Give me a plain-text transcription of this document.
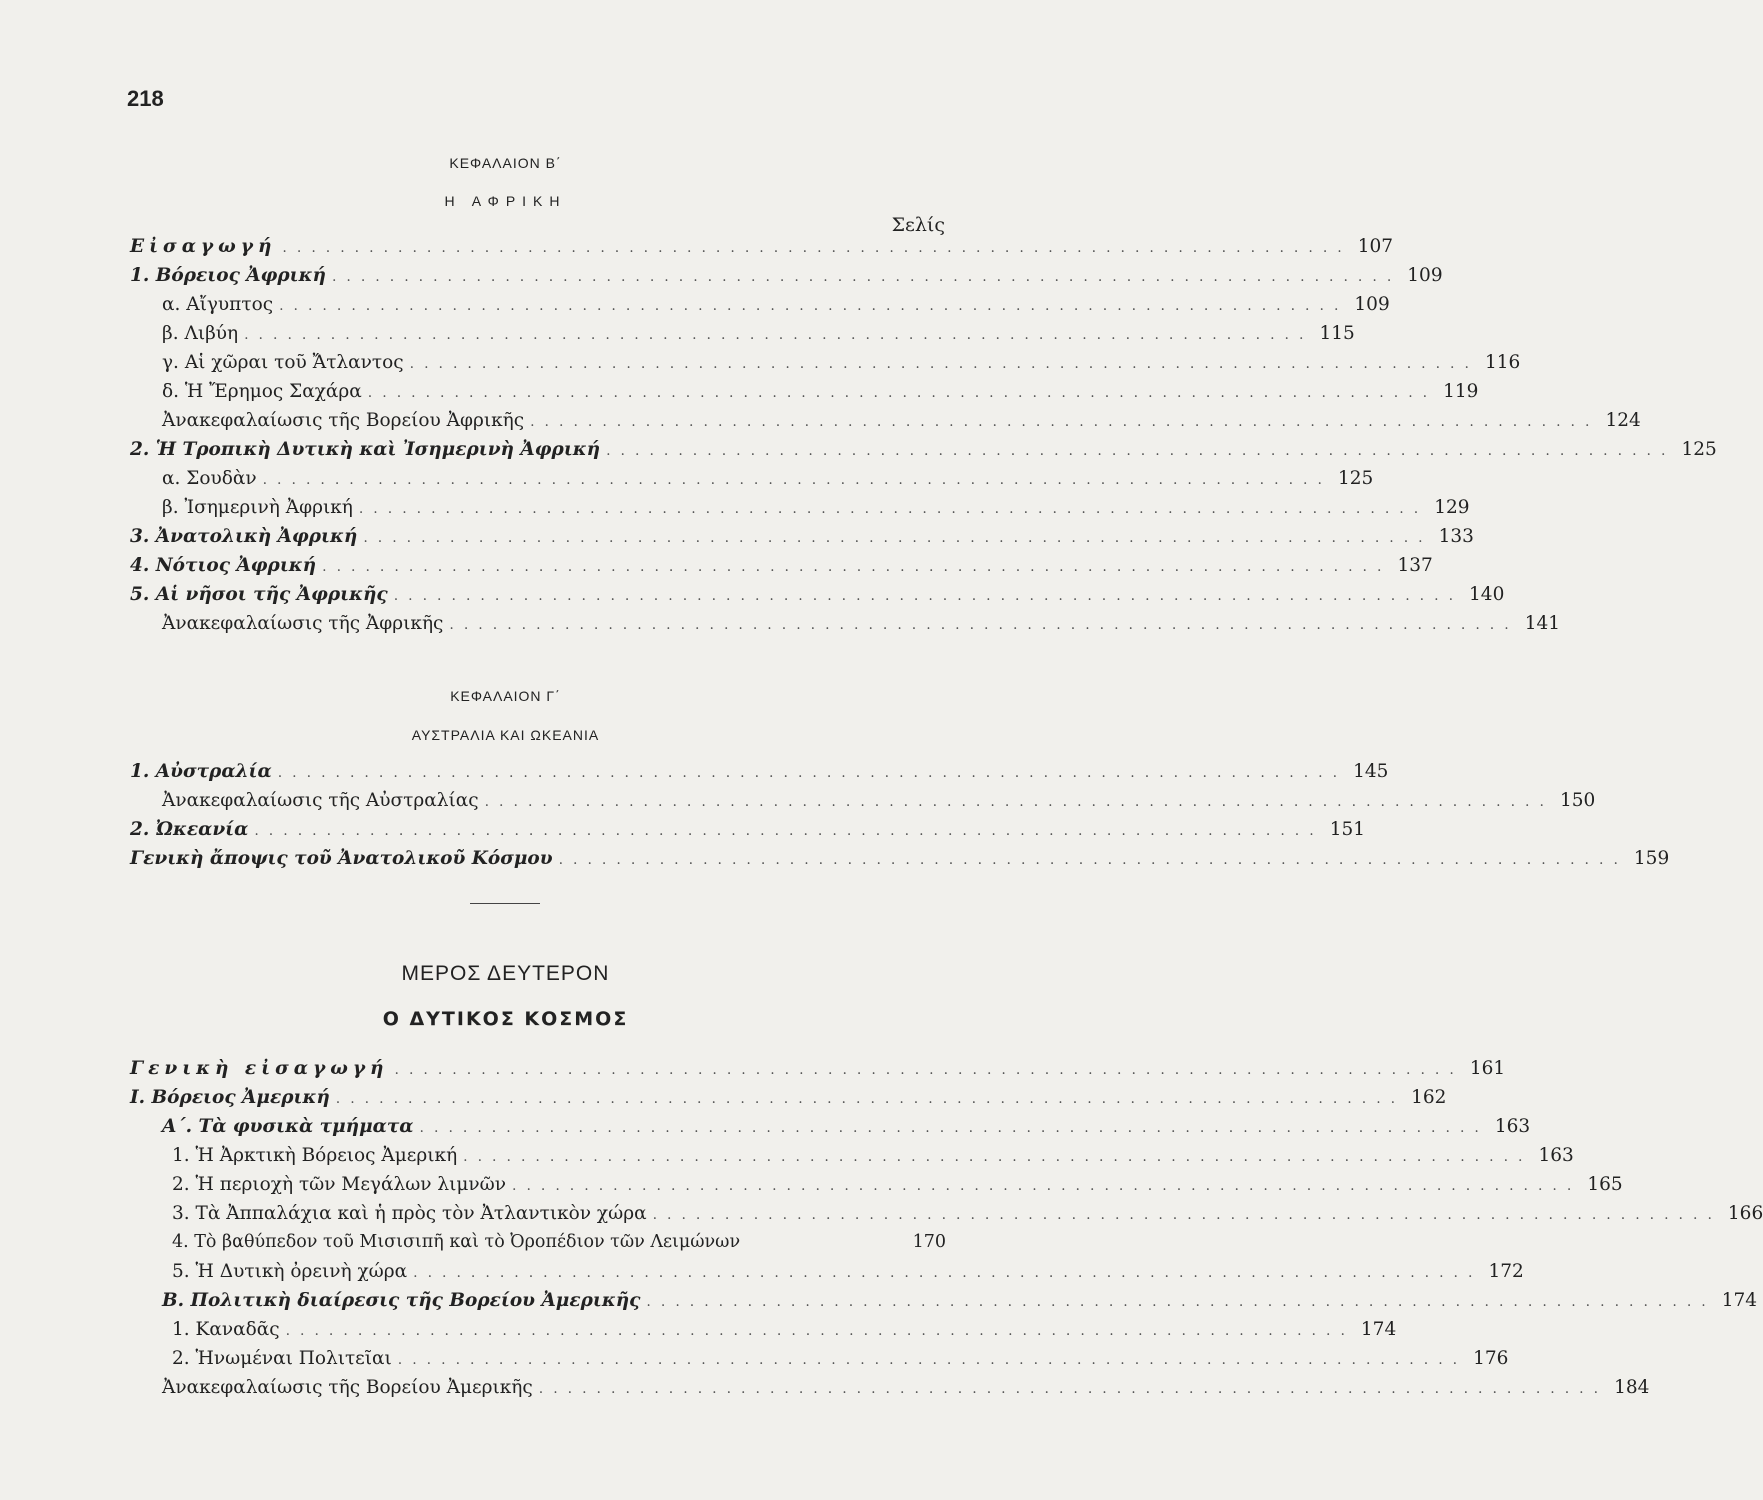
218
ΚΕΦΑΛΑΙΟΝ Β΄
Η ΑΦΡΙΚΗ
Σελίς
Εἰσαγωγή .......................................................................... 107
1. Βόρειος Ἀφρική .......................................................................... 109
α. Αἴγυπτος .......................................................................... 109
β. Λιβύη .......................................................................... 115
γ. Αἱ χῶραι τοῦ Ἄτλαντος .......................................................................... 116
δ. Ἡ Ἔρημος Σαχάρα .......................................................................... 119
Ἀνακεφαλαίωσις τῆς Βορείου Ἀφρικῆς .......................................................................... 124
2. Ἡ Τροπικὴ Δυτικὴ καὶ Ἰσημερινὴ Ἀφρική .......................................................................... 125
α. Σουδὰν .......................................................................... 125
β. Ἰσημερινὴ Ἀφρική .......................................................................... 129
3. Ἀνατολικὴ Ἀφρική .......................................................................... 133
4. Νότιος Ἀφρική .......................................................................... 137
5. Αἱ νῆσοι τῆς Ἀφρικῆς .......................................................................... 140
Ἀνακεφαλαίωσις τῆς Ἀφρικῆς .......................................................................... 141
ΚΕΦΑΛΑΙΟΝ Γ΄
ΑΥΣΤΡΑΛΙΑ ΚΑΙ ΩΚΕΑΝΙΑ
1. Αὐστραλία .......................................................................... 145
Ἀνακεφαλαίωσις τῆς Αὐστραλίας .......................................................................... 150
2. Ὠκεανία .......................................................................... 151
Γενικὴ ἄποψις τοῦ Ἀνατολικοῦ Κόσμου .......................................................................... 159
ΜΕΡΟΣ ΔΕΥΤΕΡΟΝ
Ο ΔΥΤΙΚΟΣ ΚΟΣΜΟΣ
Γενικὴ εἰσαγωγή .......................................................................... 161
Ι. Βόρειος Ἀμερική .......................................................................... 162
Α΄. Τὰ φυσικὰ τμήματα .......................................................................... 163
1. Ἡ Ἀρκτικὴ Βόρειος Ἀμερική .......................................................................... 163
2. Ἡ περιοχὴ τῶν Μεγάλων λιμνῶν .......................................................................... 165
3. Τὰ Ἀππαλάχια καὶ ἡ πρὸς τὸν Ἀτλαντικὸν χώρα .......................................................................... 166
4. Τὸ βαθύπεδον τοῦ Μισισιπῆ καὶ τὸ Ὀροπέδιον τῶν Λειμώνων	170
5. Ἡ Δυτικὴ ὀρεινὴ χώρα .......................................................................... 172
Β. Πολιτικὴ διαίρεσις τῆς Βορείου Ἀμερικῆς .......................................................................... 174
1. Καναδᾶς .......................................................................... 174
2. Ἡνωμέναι Πολιτεῖαι .......................................................................... 176
Ἀνακεφαλαίωσις τῆς Βορείου Ἀμερικῆς .......................................................................... 184
